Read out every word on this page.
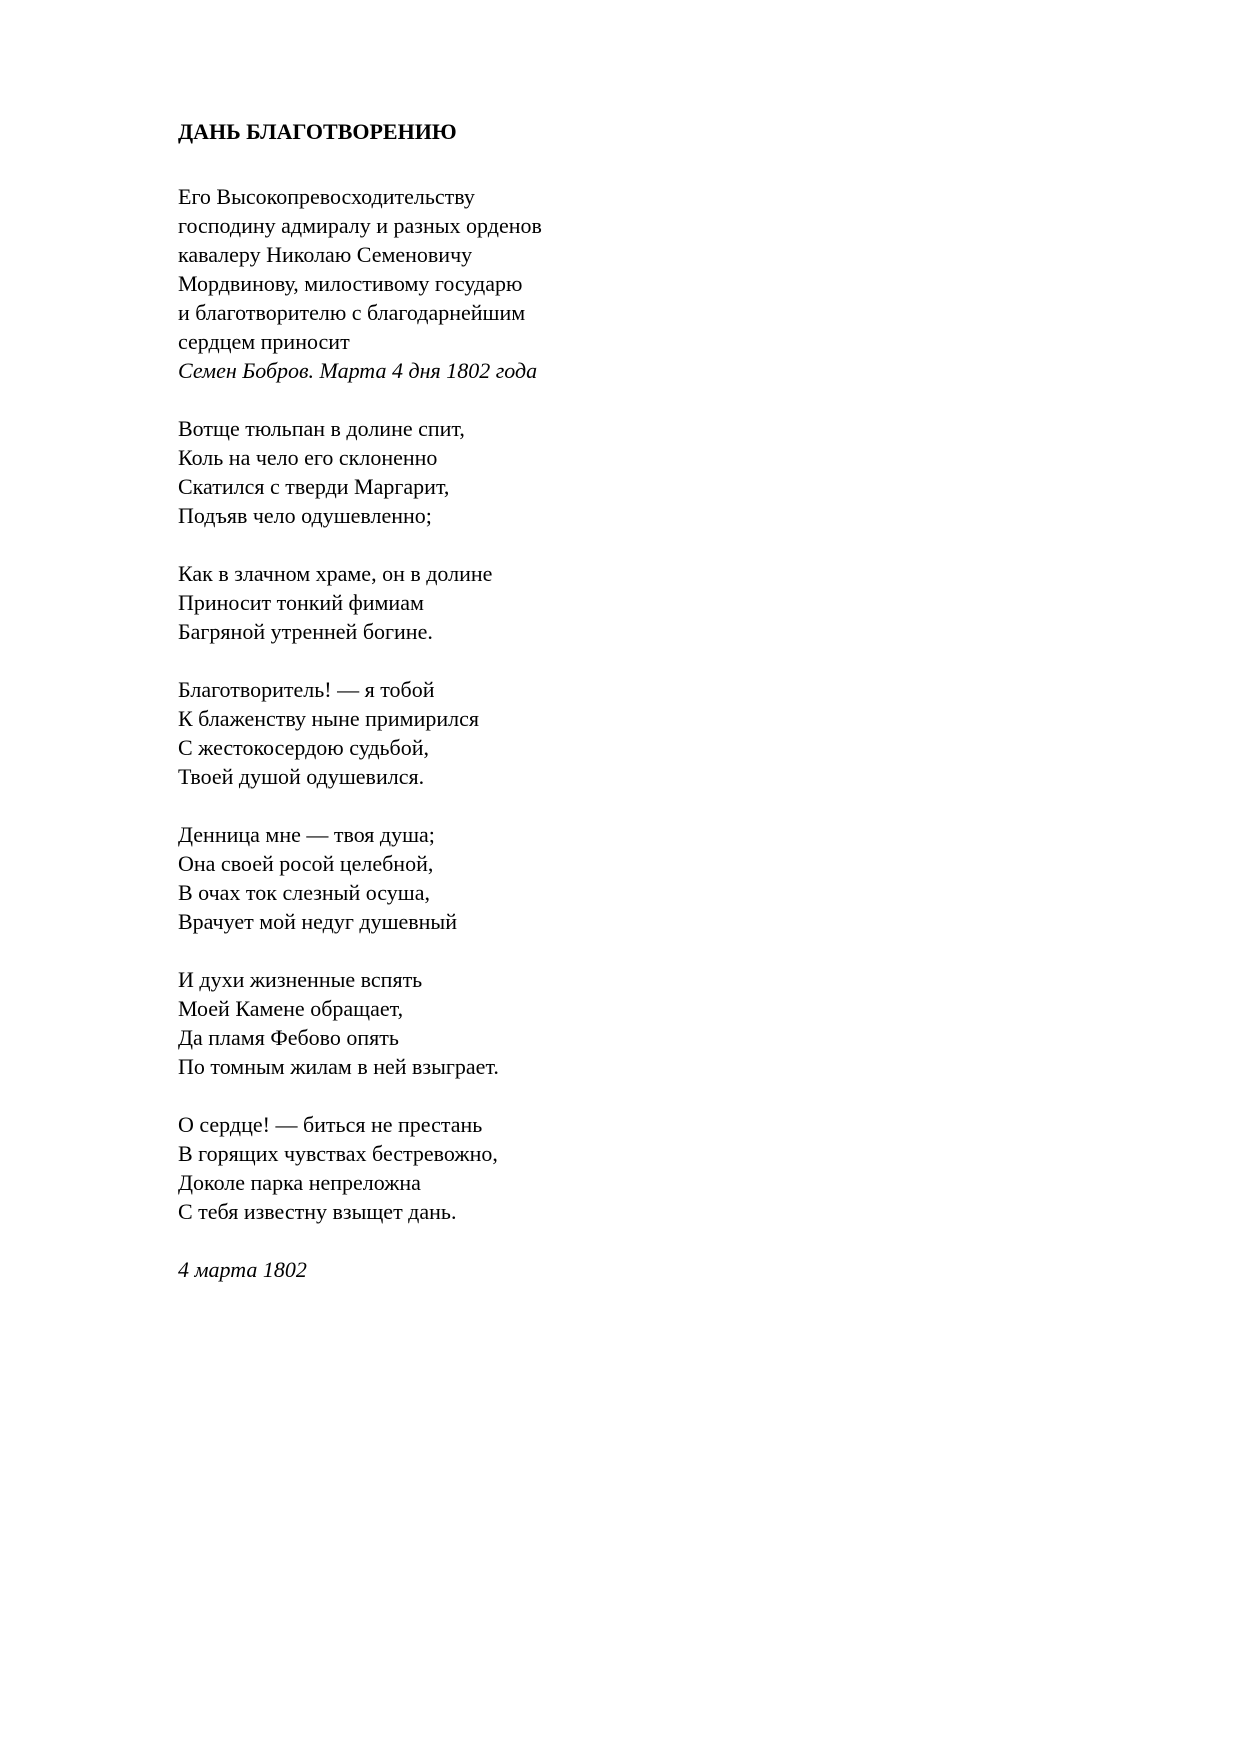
ДАНЬ БЛАГОТВОРЕНИЮ
Его Высокопревосходительству
господину адмиралу и разных орденов
кавалеру Николаю Семеновичу
Мордвинову, милостивому государю
и благотворителю с благодарнейшим
сердцем приносит
Семен Бобров. Марта 4 дня 1802 года
Вотще тюльпан в долине спит,
Коль на чело его склоненно
Скатился с тверди Маргарит,
Подъяв чело одушевленно;
Как в злачном храме, он в долине
Приносит тонкий фимиам
Багряной утренней богине.
Благотворитель! — я тобой
К блаженству ныне примирился
С жестокосердою судьбой,
Твоей душой одушевился.
Денница мне — твоя душа;
Она своей росой целебной,
В очах ток слезный осуша,
Врачует мой недуг душевный
И духи жизненные вспять
Моей Камене обращает,
Да пламя Фебово опять
По томным жилам в ней взыграет.
О сердце! — биться не престань
В горящих чувствах бестревожно,
Доколе парка непреложна
С тебя известну взыщет дань.
4 марта 1802
